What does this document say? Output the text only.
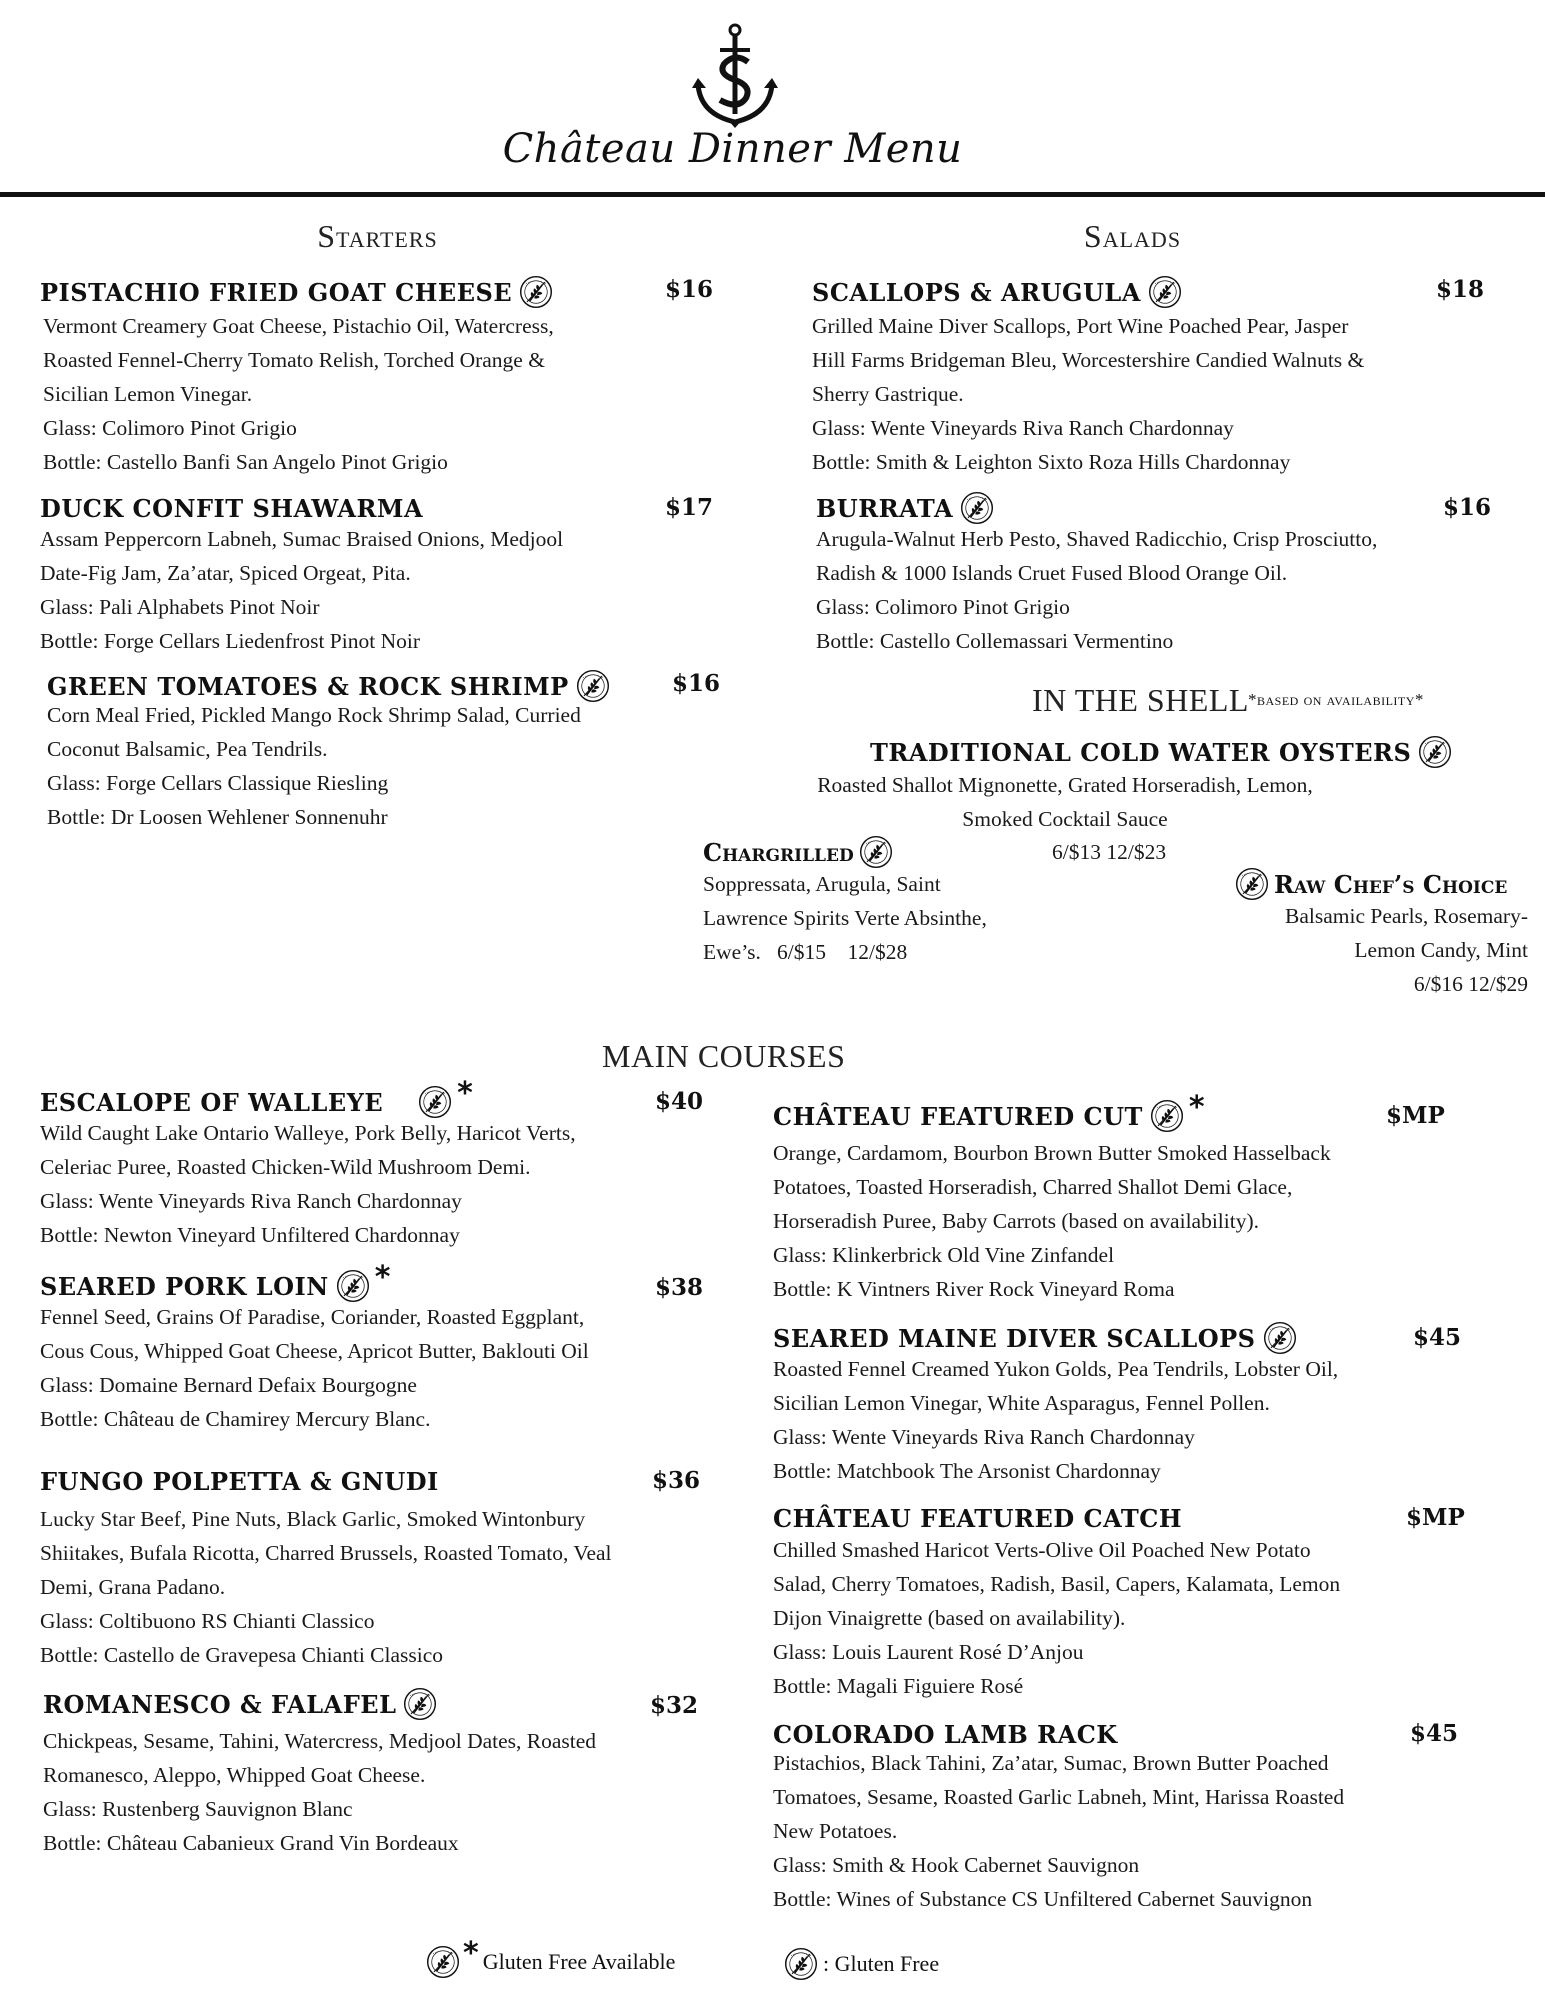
Château Dinner Menu
Starters
PISTACHIO FRIED GOAT CHEESE	$16
Vermont Creamery Goat Cheese, Pistachio Oil, Watercress,
Roasted Fennel-Cherry Tomato Relish, Torched Orange &
Sicilian Lemon Vinegar.
Glass: Colimoro Pinot Grigio
Bottle: Castello Banfi San Angelo Pinot Grigio
DUCK CONFIT SHAWARMA	$17
Assam Peppercorn Labneh, Sumac Braised Onions, Medjool
Date-Fig Jam, Za’atar, Spiced Orgeat, Pita.
Glass: Pali Alphabets Pinot Noir
Bottle: Forge Cellars Liedenfrost Pinot Noir
GREEN TOMATOES & ROCK SHRIMP	$16
Corn Meal Fried, Pickled Mango Rock Shrimp Salad, Curried
Coconut Balsamic, Pea Tendrils.
Glass: Forge Cellars Classique Riesling
Bottle: Dr Loosen Wehlener Sonnenuhr
Salads
SCALLOPS & ARUGULA	$18
Grilled Maine Diver Scallops, Port Wine Poached Pear, Jasper
Hill Farms Bridgeman Bleu, Worcestershire Candied Walnuts &
Sherry Gastrique.
Glass: Wente Vineyards Riva Ranch Chardonnay
Bottle: Smith & Leighton Sixto Roza Hills Chardonnay
BURRATA	$16
Arugula-Walnut Herb Pesto, Shaved Radicchio, Crisp Prosciutto,
Radish & 1000 Islands Cruet Fused Blood Orange Oil.
Glass: Colimoro Pinot Grigio
Bottle: Castello Collemassari Vermentino
IN THE SHELL *based on availability*
TRADITIONAL COLD WATER OYSTERS
Roasted Shallot Mignonette, Grated Horseradish, Lemon,
Smoked Cocktail Sauce
6/$13 12/$23
Chargrilled
Soppressata, Arugula, Saint
Lawrence Spirits Verte Absinthe,
Ewe’s.   6/$15    12/$28
Raw Chef’s Choice
Balsamic Pearls, Rosemary-
Lemon Candy, Mint
6/$16 12/$29
MAIN COURSES
ESCALOPE OF WALLEYE *	$40
Wild Caught Lake Ontario Walleye, Pork Belly, Haricot Verts,
Celeriac Puree, Roasted Chicken-Wild Mushroom Demi.
Glass: Wente Vineyards Riva Ranch Chardonnay
Bottle: Newton Vineyard Unfiltered Chardonnay
SEARED PORK LOIN *	$38
Fennel Seed, Grains Of Paradise, Coriander, Roasted Eggplant,
Cous Cous, Whipped Goat Cheese, Apricot Butter, Baklouti Oil
Glass: Domaine Bernard Defaix Bourgogne
Bottle: Château de Chamirey Mercury Blanc.
FUNGO POLPETTA & GNUDI	$36
Lucky Star Beef, Pine Nuts, Black Garlic, Smoked Wintonbury
Shiitakes, Bufala Ricotta, Charred Brussels, Roasted Tomato, Veal
Demi, Grana Padano.
Glass: Coltibuono RS Chianti Classico
Bottle: Castello de Gravepesa Chianti Classico
ROMANESCO & FALAFEL	$32
Chickpeas, Sesame, Tahini, Watercress, Medjool Dates, Roasted
Romanesco, Aleppo, Whipped Goat Cheese.
Glass: Rustenberg Sauvignon Blanc
Bottle: Château Cabanieux Grand Vin Bordeaux
CHÂTEAU FEATURED CUT *	$MP
Orange, Cardamom, Bourbon Brown Butter Smoked Hasselback
Potatoes, Toasted Horseradish, Charred Shallot Demi Glace,
Horseradish Puree, Baby Carrots (based on availability).
Glass: Klinkerbrick Old Vine Zinfandel
Bottle: K Vintners River Rock Vineyard Roma
SEARED MAINE DIVER SCALLOPS	$45
Roasted Fennel Creamed Yukon Golds, Pea Tendrils, Lobster Oil,
Sicilian Lemon Vinegar, White Asparagus, Fennel Pollen.
Glass: Wente Vineyards Riva Ranch Chardonnay
Bottle: Matchbook The Arsonist Chardonnay
CHÂTEAU FEATURED CATCH	$MP
Chilled Smashed Haricot Verts-Olive Oil Poached New Potato
Salad, Cherry Tomatoes, Radish, Basil, Capers, Kalamata, Lemon
Dijon Vinaigrette (based on availability).
Glass: Louis Laurent Rosé D’Anjou
Bottle: Magali Figuiere Rosé
COLORADO LAMB RACK	$45
Pistachios, Black Tahini, Za’atar, Sumac, Brown Butter Poached
Tomatoes, Sesame, Roasted Garlic Labneh, Mint, Harissa Roasted
New Potatoes.
Glass: Smith & Hook Cabernet Sauvignon
Bottle: Wines of Substance CS Unfiltered Cabernet Sauvignon
* Gluten Free Available	: Gluten Free
